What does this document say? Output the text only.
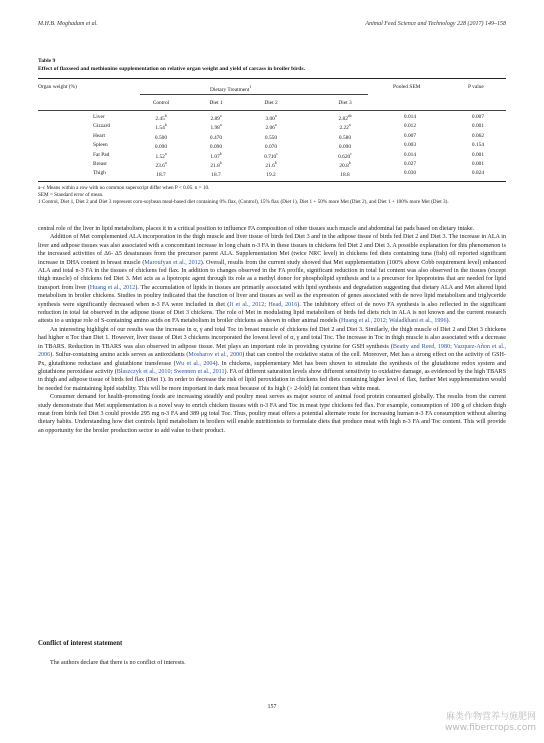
M.H.B. Moghadam et al.	Animal Feed Science and Technology 228 (2017) 149–158
Table 9
Effect of flaxseed and methionine supplementation on relative organ weight and yield of carcass in broiler birds.
Organ weight (%)	Dietary Treatment$^1$	Pooled SEM	P value
Control	Diet 1	Diet 2	Diet 3
Liver	2.45$^b$	2.89$^a$	3.00$^a$	2.82$^{ab}$	0.014	0.007
Gizzard	1.54$^b$	1.98$^a$	2.06$^a$	2.22$^a$	0.012	0.001
Heart	0.500	0.470	0.550	0.580	0.007	0.062
Spleen	0.090	0.090	0.070	0.090	0.003	0.154
Fat Pad	1.52$^a$	1.07$^b$	0.710$^c$	0.620$^c$	0.014	0.001
Breast	23.6$^a$	21.8$^b$	21.6$^b$	20.8$^b$	0.027	0.001
Thigh	18.7	18.7	19.2	18.8	0.030	0.824
a–c Means within a row with no common superscript differ when P < 0.05. n = 10.
SEM = Standard error of mean.
1 Control, Diet 1, Diet 2 and Diet 3 represent corn-soybean meal-based diet containing 0% flax, (Control), 15% flax (Diet 1), Diet 1 + 50% more Met (Diet 2), and Diet 1 + 100% more Met (Diet 3).

central role of the liver in lipid metabolism, places it in a critical position to influence FA composition of other tissues such muscle and abdominal fat pads based on dietary intake.

Addition of Met complemented ALA incorporation in the thigh muscle and liver tissue of birds fed Diet 3 and in the adipose tissue of birds fed Diet 2 and Diet 3. The increase in ALA in liver and adipose tissues was also associated with a concomitant increase in long chain n-3 FA in these tissues in chickens fed Diet 2 and Diet 3. A possible explanation for this phenomenon is the increased activities of Δ6- Δ5 desaturases from the precursor parent ALA. Supplementation Met (twice NRC level) in chickens fed diets containing tuna (fish) oil reported significant increase in DHA content in breast muscle (Maroufyan et al., 2012). Overall, results from the current study showed that Met supplementation (100% above Cobb requirement level) enhanced ALA and total n-3 FA in the tissues of chickens fed flax. In addition to changes observed in the FA profile, significant reduction in total fat content was also observed in the tissues (except thigh muscle) of chickens fed Diet 3. Met acts as a lipotropic agent through its role as a methyl donor for phospholipid synthesis and is a precursor for lipoproteins that are needed for lipid transport from liver (Huang et al., 2012). The accumulation of lipids in tissues are primarily associated with lipid synthesis and degradation suggesting that dietary ALA and Met altered lipid metabolism in broiler chickens. Studies in poultry indicated that the function of liver and tissues as well as the expression of genes associated with de novo lipid metabolism and triglyceride synthesis were significantly decreased when n-3 FA were included in diet (Ji et al., 2012; Head, 2016). The inhibitory effect of de novo FA synthesis is also reflected in the significant reduction in total fat observed in the adipose tissue of Diet 3 chickens. The role of Met in modulating lipid metabolism of birds fed diets rich in ALA is not known and the current research attests to a unique role of S-containing amino acids on FA metabolism in broiler chickens as shown in other animal models (Huang et al., 2012; Waladkhani et al., 1996).

An interesting highlight of our results was the increase in α, γ and total Toc in breast muscle of chickens fed Diet 2 and Diet 3. Similarly, the thigh muscle of Diet 2 and Diet 3 chickens had higher α Toc than Diet 1. However, liver tissue of Diet 3 chickens incorporated the lowest level of α, γ and total Toc. The increase in Toc in thigh muscle is also associated with a decrease in TBARS. Reduction in TBARS was also observed in adipose tissue. Met plays an important role in providing cysteine for GSH synthesis (Beatty and Reed, 1980; Vazquez-Añon et al., 2006). Sulfur-containing amino acids serves as antioxidants (Mosharov et al., 2000) that can control the oxidative status of the cell. Moreover, Met has a strong effect on the activity of GSH-Px, glutathione reductase and glutathione transferase (Wu et al., 2004). In chickens, supplementary Met has been shown to stimulate the synthesis of the glutathione redox system and glutathione peroxidase activity (Błaszczyk et al., 2010; Swennen et al., 2011). FA of different saturation levels show different sensitivity to oxidative damage, as evidenced by the high TBARS in thigh and adipose tissue of birds fed flax (Diet 1). In order to decrease the risk of lipid peroxidation in chickens fed diets containing higher level of flax, further Met supplementation would be needed for maintaining lipid stability. This will be more important in dark meat because of its high (> 2-fold) fat content than white meat.

Consumer demand for health-promoting foods are increasing steadily and poultry meat serves as major source of animal food protein consumed globally. The results from the current study demonstrate that Met supplementation is a novel way to enrich chicken tissues with n-3 FA and Toc in meat type chickens fed flax. For example, consumption of 100 g of chicken thigh meat from birds fed Diet 3 could provide 295 mg n-3 FA and 389 μg total Toc. Thus, poultry meat offers a potential alternate route for increasing human n-3 FA consumption without altering dietary habits. Understanding how diet controls lipid metabolism in broilers will enable nutritionists to formulate diets that produce meat with high n-3 FA and Toc content. This will provide an opportunity for the broiler production sector to add value to their product.

Conflict of interest statement
The authors declare that there is no conflict of interests.
157
麻类作物营养与施肥网
www.fibercrops.com
